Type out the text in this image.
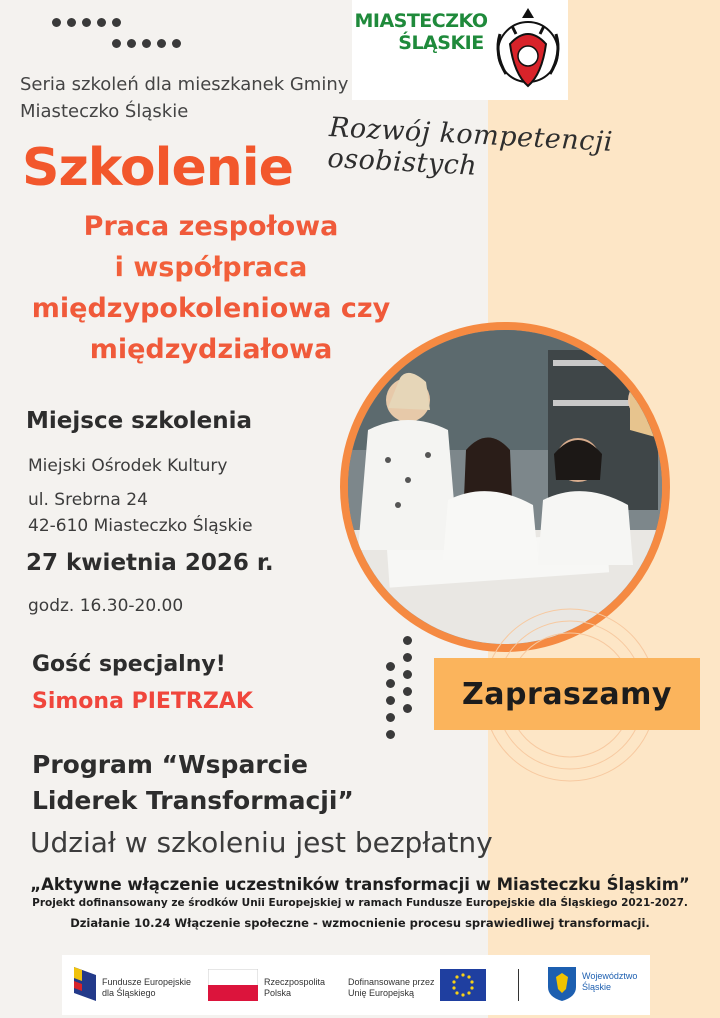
MIASTECZKO
ŚLĄSKIE
Seria szkoleń dla mieszkanek Gminy
Miasteczko Śląskie
Rozwój kompetencji osobistych
Szkolenie
Praca zespołowa
i współpraca
międzypokoleniowa czy
międzydziałowa
Miejsce szkolenia
Miejski Ośrodek Kultury
ul. Srebrna 24
42-610 Miasteczko Śląskie
27 kwietnia 2026 r.
godz. 16.30-20.00
Gość specjalny!
Simona PIETRZAK
Program “Wsparcie
Liderek Transformacji”
Udział w szkoleniu jest bezpłatny
Zapraszamy
„Aktywne włączenie uczestników transformacji w Miasteczku Śląskim”
Projekt dofinansowany ze środków Unii Europejskiej w ramach Fundusze Europejskie dla Śląskiego 2021-2027.
Działanie 10.24 Włączenie społeczne - wzmocnienie procesu sprawiedliwej transformacji.
Fundusze Europejskie
dla Śląskiego
Rzeczpospolita
Polska
Dofinansowane przez
Unię Europejską
Województwo
Śląskie
